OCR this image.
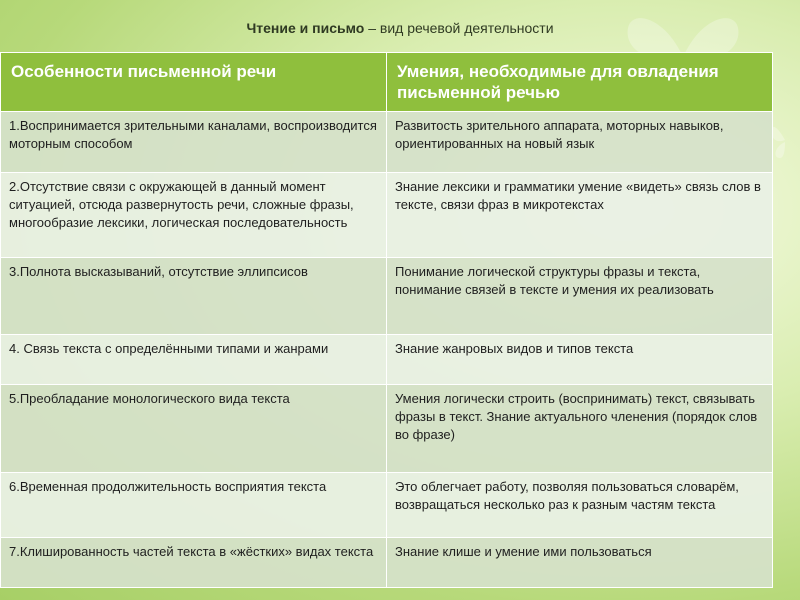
Чтение и письмо – вид речевой деятельности
Особенности письменной речи	Умения, необходимые для овладения письменной речью
1.Воспринимается зрительными каналами, воспроизводится моторным способом	Развитость зрительного аппарата, моторных навыков, ориентированных на новый язык
2.Отсутствие связи с окружающей в данный момент ситуацией, отсюда развернутость речи, сложные фразы, многообразие лексики, логическая последовательность	Знание лексики и грамматики умение «видеть» связь слов в тексте, связи фраз в микротекстах
3.Полнота высказываний, отсутствие эллипсисов	Понимание логической структуры фразы и текста, понимание связей в тексте и умения их реализовать
4. Связь текста с определёнными типами и жанрами	Знание жанровых видов и типов текста
5.Преобладание монологического вида текста	Умения логически строить (воспринимать) текст, связывать фразы в текст. Знание актуального членения (порядок слов во фразе)
6.Временная продолжительность восприятия текста	Это облегчает работу, позволяя пользоваться словарём, возвращаться несколько раз к разным частям текста
7.Клишированность частей текста в «жёстких» видах текста	Знание клише и умение ими пользоваться
